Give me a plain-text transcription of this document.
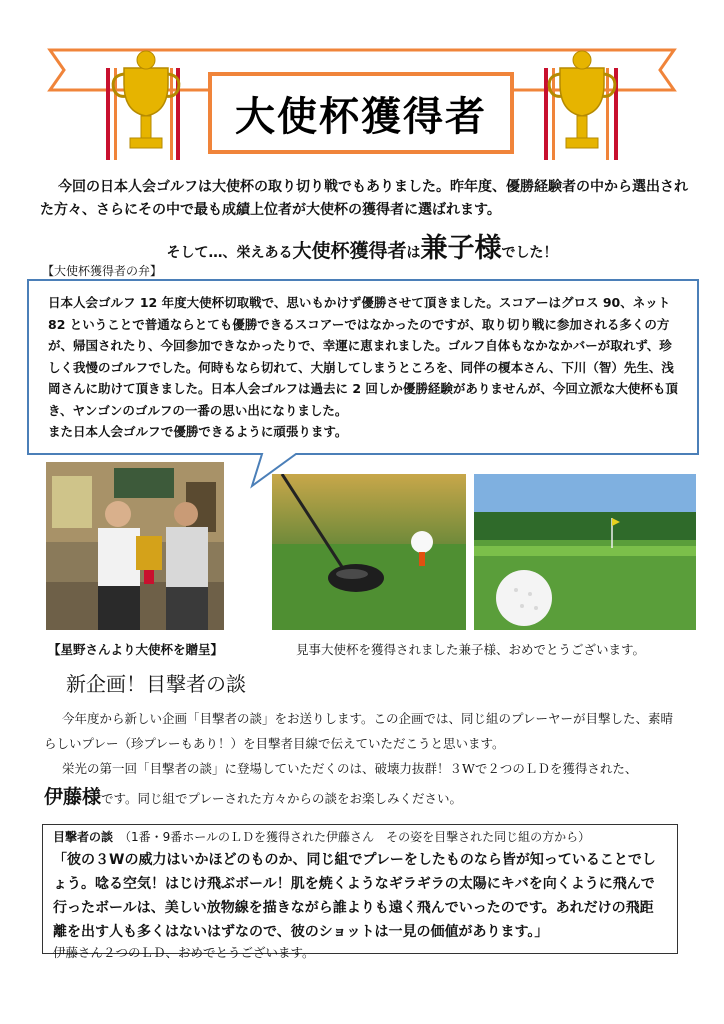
大使杯獲得者
今回の日本人会ゴルフは大使杯の取り切り戦でもありました。昨年度、優勝経験者の中から選出された方々、さらにその中で最も成績上位者が大使杯の獲得者に選ばれます。
そして…、栄えある大使杯獲得者は兼子様でした！
【大使杯獲得者の弁】
日本人会ゴルフ 12 年度大使杯切取戦で、思いもかけず優勝させて頂きました。スコアーはグロス 90、ネット 82 ということで普通ならとても優勝できるスコアーではなかったのですが、取り切り戦に参加される多くの方が、帰国されたり、今回参加できなかったりで、幸運に恵まれました。ゴルフ自体もなかなかバーが取れず、珍しく我慢のゴルフでした。何時もなら切れて、大崩してしまうところを、同伴の榎本さん、下川（智）先生、浅岡さんに助けて頂きました。日本人会ゴルフは過去に 2 回しか優勝経験がありませんが、今回立派な大使杯も頂き、ヤンゴンのゴルフの一番の思い出になりました。
また日本人会ゴルフで優勝できるように頑張ります。
【星野さんより大使杯を贈呈】	見事大使杯を獲得されました兼子様、おめでとうございます。
新企画！目撃者の談
今年度から新しい企画「目撃者の談」をお送りします。この企画では、同じ組のプレーヤーが目撃した、素晴らしいプレー（珍プレーもあり！）を目撃者目線で伝えていただこうと思います。
栄光の第一回「目撃者の談」に登場していただくのは、破壊力抜群！３Wで２つのＬＤを獲得された、
伊藤様です。同じ組でプレーされた方々からの談をお楽しみください。
目撃者の談　 （1番・9番ホールのＬＤを獲得された伊藤さん　その姿を目撃された同じ組の方から）
「彼の３Wの威力はいかほどのものか、同じ組でプレーをしたものなら皆が知っていることでしょう。唸る空気！はじけ飛ぶボール！肌を焼くようなギラギラの太陽にキバを向くように飛んで行ったボールは、美しい放物線を描きながら誰よりも遠く飛んでいったのです。あれだけの飛距離を出す人も多くはないはずなので、彼のショットは一見の価値があります。」
伊藤さん２つのＬＤ、おめでとうございます。
